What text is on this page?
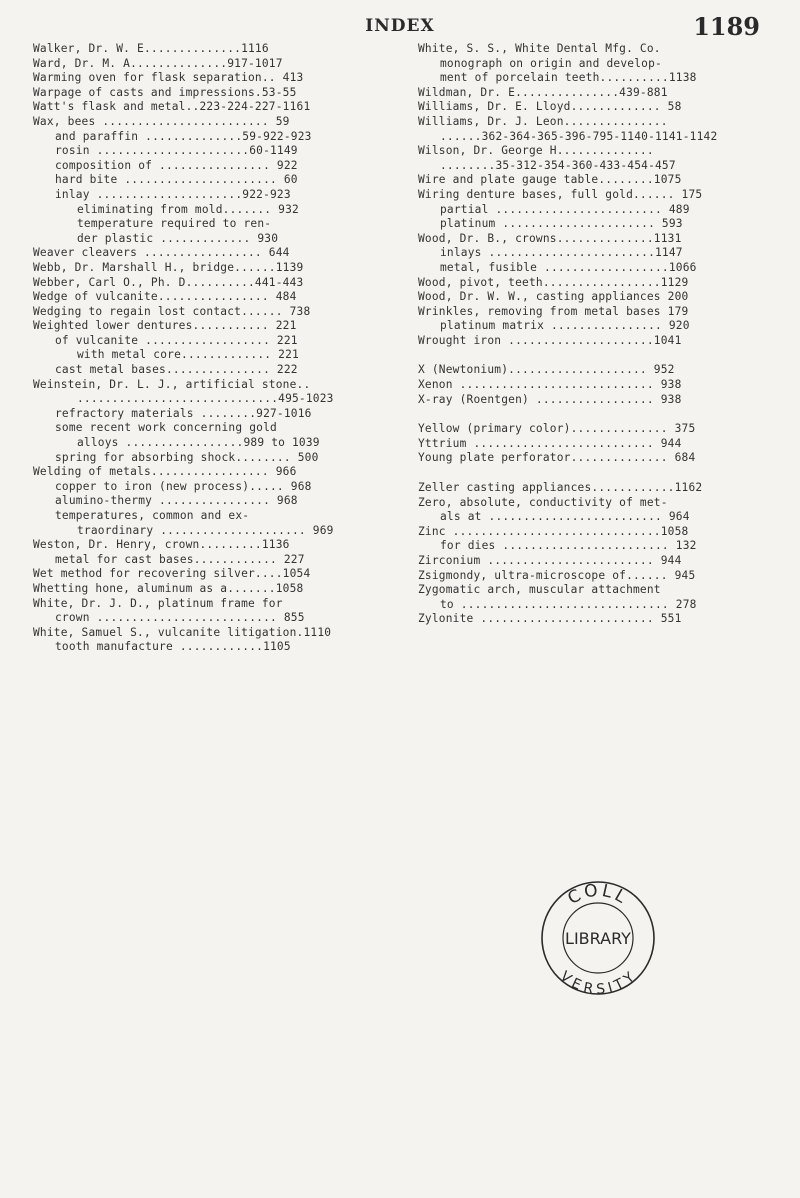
INDEX	1189
Walker, Dr. W. E..............1116
Ward, Dr. M. A..............917-1017
Warming oven for flask separation.. 413
Warpage of casts and impressions.53-55
Watt's flask and metal..223-224-227-1161
Wax, bees ........................ 59
and paraffin ..............59-922-923
rosin ......................60-1149
composition of ................ 922
hard bite ...................... 60
inlay .....................922-923
eliminating from mold....... 932
temperature required to ren-
der plastic ............. 930
Weaver cleavers ................. 644
Webb, Dr. Marshall H., bridge......1139
Webber, Carl O., Ph. D..........441-443
Wedge of vulcanite................ 484
Wedging to regain lost contact...... 738
Weighted lower dentures........... 221
of vulcanite .................. 221
with metal core............. 221
cast metal bases............... 222
Weinstein, Dr. L. J., artificial stone..
.............................495-1023
refractory materials ........927-1016
some recent work concerning gold
alloys .................989 to 1039
spring for absorbing shock........ 500
Welding of metals................. 966
copper to iron (new process)..... 968
alumino-thermy ................ 968
temperatures, common and ex-
traordinary ..................... 969
Weston, Dr. Henry, crown.........1136
metal for cast bases............ 227
Wet method for recovering silver....1054
Whetting hone, aluminum as a.......1058
White, Dr. J. D., platinum frame for
crown .......................... 855
White, Samuel S., vulcanite litigation.1110
tooth manufacture ............1105
White, S. S., White Dental Mfg. Co.
monograph on origin and develop-
ment of porcelain teeth..........1138
Wildman, Dr. E...............439-881
Williams, Dr. E. Lloyd............. 58
Williams, Dr. J. Leon...............
......362-364-365-396-795-1140-1141-1142
Wilson, Dr. George H..............
........35-312-354-360-433-454-457
Wire and plate gauge table........1075
Wiring denture bases, full gold...... 175
partial ........................ 489
platinum ...................... 593
Wood, Dr. B., crowns..............1131
inlays ........................1147
metal, fusible ..................1066
Wood, pivot, teeth.................1129
Wood, Dr. W. W., casting appliances 200
Wrinkles, removing from metal bases 179
platinum matrix ................ 920
Wrought iron .....................1041
X (Newtonium).................... 952
Xenon ............................ 938
X-ray (Roentgen) ................. 938
Yellow (primary color).............. 375
Yttrium .......................... 944
Young plate perforator.............. 684
Zeller casting appliances............1162
Zero, absolute, conductivity of met-
als at ......................... 964
Zinc ..............................1058
for dies ........................ 132
Zirconium ........................ 944
Zsigmondy, ultra-microscope of...... 945
Zygomatic arch, muscular attachment
to .............................. 278
Zylonite ......................... 551
COLL
LIBRARY
VERSITY
